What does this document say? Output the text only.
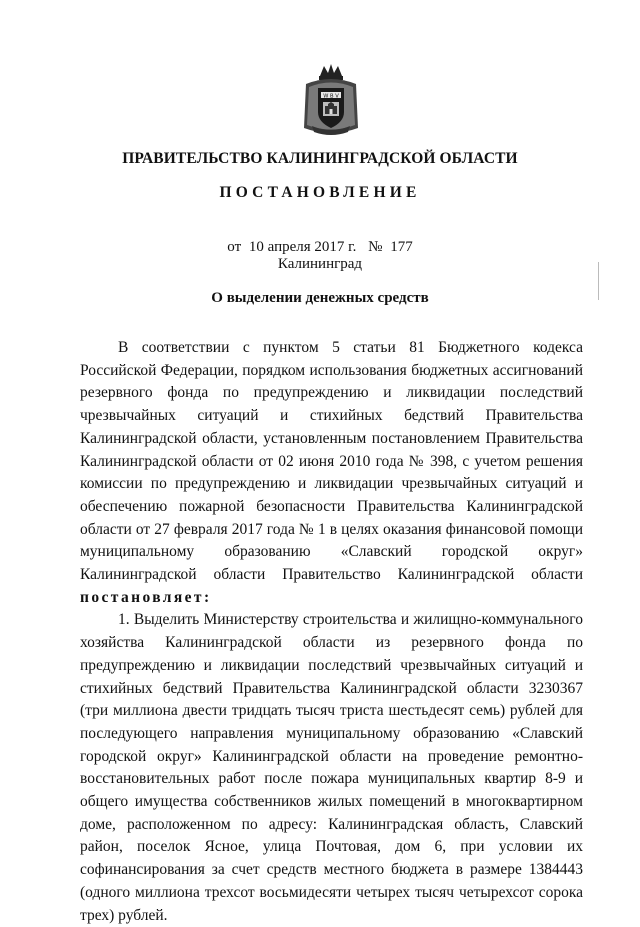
W B V
ПРАВИТЕЛЬСТВО КАЛИНИНГРАДСКОЙ ОБЛАСТИ
ПОСТАНОВЛЕНИЕ
от 10 апреля 2017 г. № 177
Калининград
О выделении денежных средств

В соответствии с пунктом 5 статьи 81 Бюджетного кодекса Российской Федерации, порядком использования бюджетных ассигнований резервного фонда по предупреждению и ликвидации последствий чрезвычайных ситуаций и стихийных бедствий Правительства Калининградской области, установленным постановлением Правительства Калининградской области от 02 июня 2010 года № 398, с учетом решения комиссии по предупреждению и ликвидации чрезвычайных ситуаций и обеспечению пожарной безопасности Правительства Калининградской области от 27 февраля 2017 года № 1 в целях оказания финансовой помощи муниципальному образованию «Славский городской округ» Калининградской области Правительство Калининградской области постановляет:

1. Выделить Министерству строительства и жилищно-коммунального хозяйства Калининградской области из резервного фонда по предупреждению и ликвидации последствий чрезвычайных ситуаций и стихийных бедствий Правительства Калининградской области 3230367 (три миллиона двести тридцать тысяч триста шестьдесят семь) рублей для последующего направления муниципальному образованию «Славский городской округ» Калининградской области на проведение ремонтно-восстановительных работ после пожара муниципальных квартир 8-9 и общего имущества собственников жилых помещений в многоквартирном доме, расположенном по адресу: Калининградская область, Славский район, поселок Ясное, улица Почтовая, дом 6, при условии их софинансирования за счет средств местного бюджета в размере 1384443 (одного миллиона трехсот восьмидесяти четырех тысяч четырехсот сорока трех) рублей.
